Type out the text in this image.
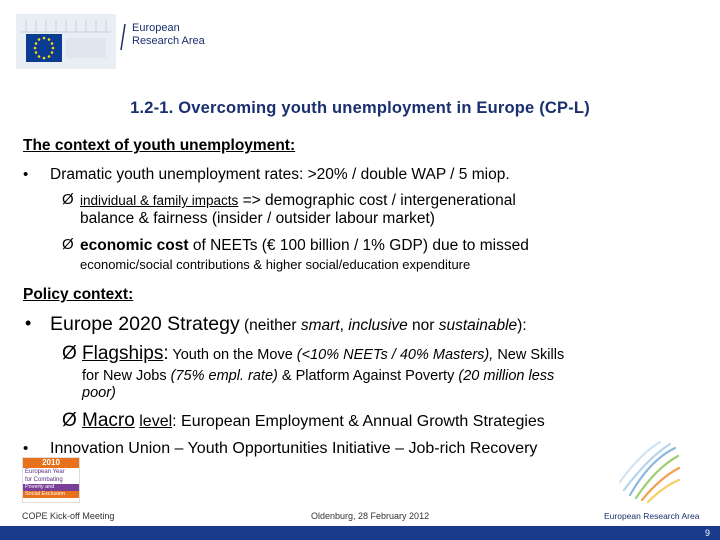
European
Research Area
1.2-1. Overcoming youth unemployment in Europe (CP-L)
The context of youth unemployment:
• Dramatic youth unemployment rates: >20% / double WAP / 5 miop.
Ø individual & family impacts => demographic cost / intergenerational
balance & fairness (insider / outsider labour market)
Ø economic cost of NEETs (€ 100 billion / 1% GDP) due to missed
economic/social contributions & higher social/education expenditure
Policy context:
• Europe 2020 Strategy (neither smart, inclusive nor sustainable):
Ø Flagships: Youth on the Move (<10% NEETs / 40% Masters), New Skills
for New Jobs (75% empl. rate) & Platform Against Poverty (20 million less
poor)
Ø Macro level: European Employment & Annual Growth Strategies
• Innovation Union – Youth Opportunities Initiative – Job-rich Recovery
2010
European Year
for Combating
Poverty and
Social Exclusion
European Research Area
COPE Kick-off Meeting	Oldenburg, 28 February 2012
9
